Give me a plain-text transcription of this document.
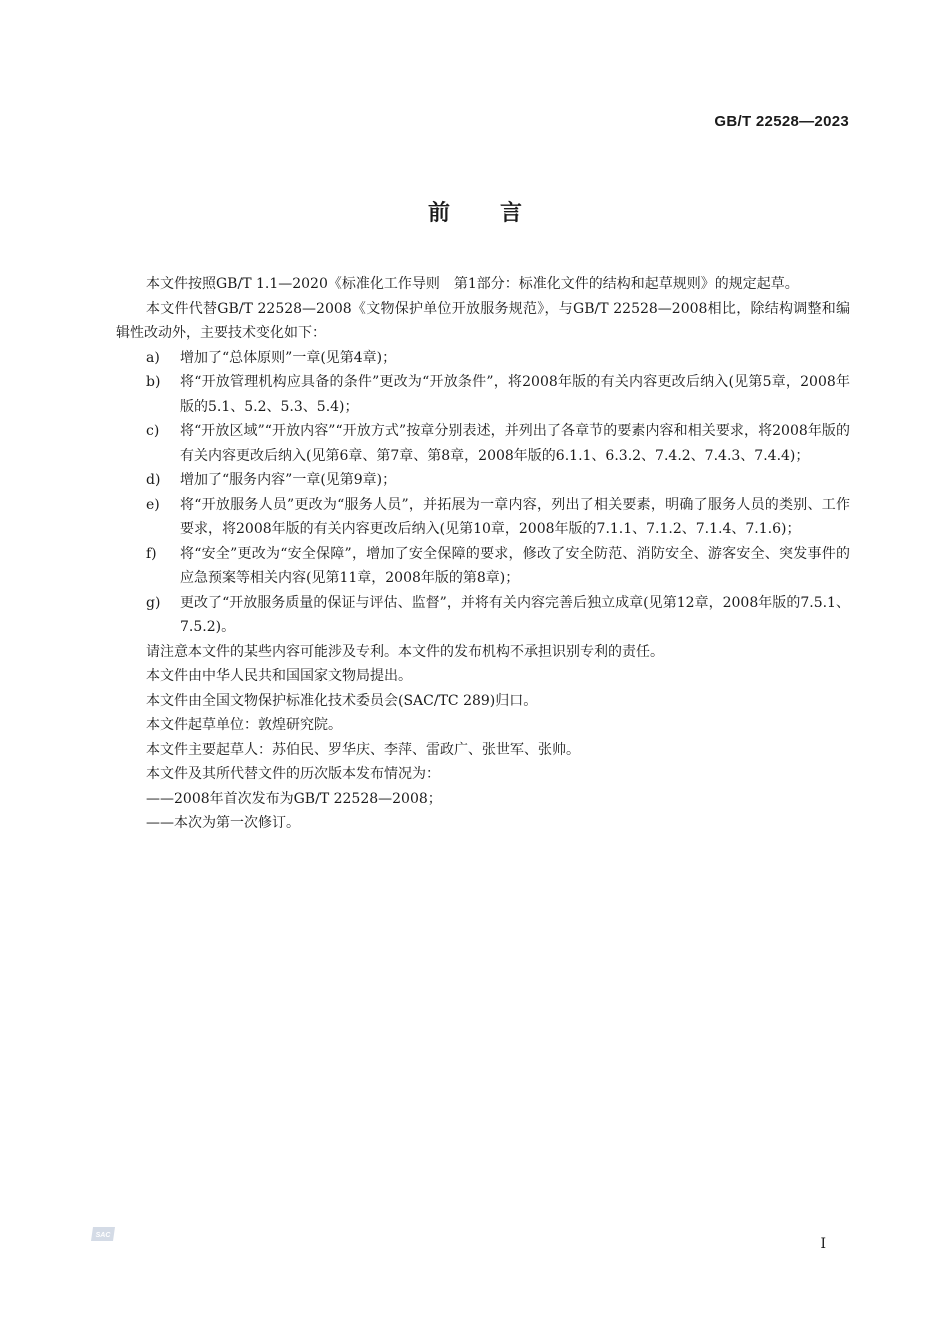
GB/T 22528—2023
前言

本文件按照GB/T 1.1—2020《标准化工作导则　第1部分：标准化文件的结构和起草规则》的规定起草。

本文件代替GB/T 22528—2008《文物保护单位开放服务规范》，与GB/T 22528—2008相比，除结构调整和编辑性改动外，主要技术变化如下：

a) 增加了“总体原则”一章(见第4章)；
b) 将“开放管理机构应具备的条件”更改为“开放条件”，将2008年版的有关内容更改后纳入(见第5章，2008年版的5.1、5.2、5.3、5.4)；
c) 将“开放区域”“开放内容”“开放方式”按章分别表述，并列出了各章节的要素内容和相关要求，将2008年版的有关内容更改后纳入(见第6章、第7章、第8章，2008年版的6.1.1、6.3.2、7.4.2、7.4.3、7.4.4)；
d) 增加了“服务内容”一章(见第9章)；
e) 将“开放服务人员”更改为“服务人员”，并拓展为一章内容，列出了相关要素，明确了服务人员的类别、工作要求，将2008年版的有关内容更改后纳入(见第10章，2008年版的7.1.1、7.1.2、7.1.4、7.1.6)；
f) 将“安全”更改为“安全保障”，增加了安全保障的要求，修改了安全防范、消防安全、游客安全、突发事件的应急预案等相关内容(见第11章，2008年版的第8章)；
g) 更改了“开放服务质量的保证与评估、监督”，并将有关内容完善后独立成章(见第12章，2008年版的7.5.1、7.5.2)。

请注意本文件的某些内容可能涉及专利。本文件的发布机构不承担识别专利的责任。

本文件由中华人民共和国国家文物局提出。

本文件由全国文物保护标准化技术委员会(SAC/TC 289)归口。

本文件起草单位：敦煌研究院。

本文件主要起草人：苏伯民、罗华庆、李萍、雷政广、张世军、张帅。

本文件及其所代替文件的历次版本发布情况为：

——2008年首次发布为GB/T 22528—2008；

——本次为第一次修订。

SAC
I
